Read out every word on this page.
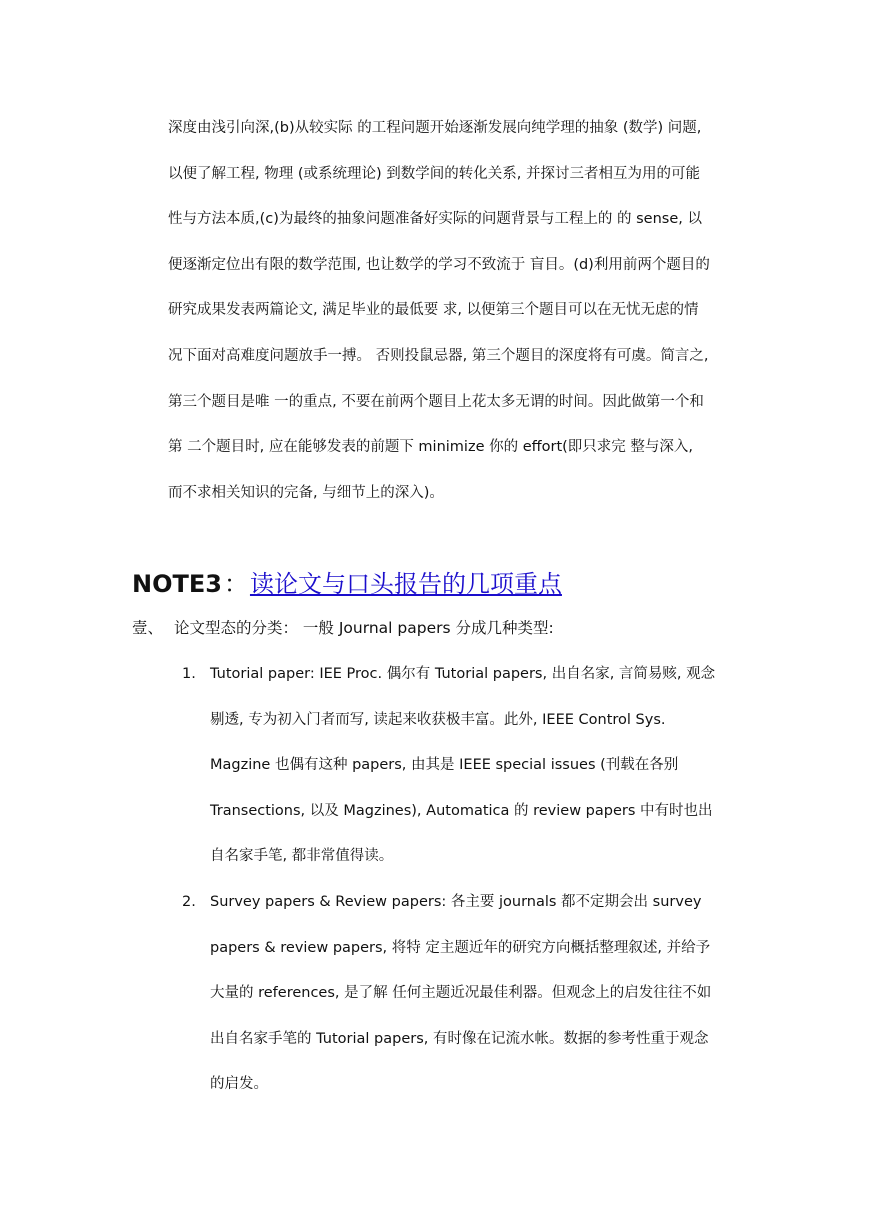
深度由浅引向深,(b)从较实际 的工程问题开始逐渐发展向纯学理的抽象 (数学) 问题,
以便了解工程, 物理 (或系统理论) 到数学间的转化关系, 并探讨三者相互为用的可能
性与方法本质,(c)为最终的抽象问题准备好实际的问题背景与工程上的 的 sense, 以
便逐渐定位出有限的数学范围, 也让数学的学习不致流于 盲目。(d)利用前两个题目的
研究成果发表两篇论文, 满足毕业的最低要 求, 以便第三个题目可以在无忧无虑的情
况下面对高难度问题放手一搏。 否则投鼠忌器, 第三个题目的深度将有可虞。简言之,
第三个题目是唯 一的重点, 不要在前两个题目上花太多无谓的时间。因此做第一个和
第 二个题目时, 应在能够发表的前题下 minimize 你的 effort(即只求完 整与深入,
而不求相关知识的完备, 与细节上的深入)。
NOTE3：读论文与口头报告的几项重点
壹、 论文型态的分类： 一般 Journal papers 分成几种类型:
1. Tutorial paper: IEE Proc. 偶尔有 Tutorial papers, 出自名家, 言简易赅, 观念
剔透, 专为初入门者而写, 读起来收获极丰富。此外, IEEE Control Sys.
Magzine 也偶有这种 papers, 由其是 IEEE special issues (刊载在各别
Transections, 以及 Magzines), Automatica 的 review papers 中有时也出
自名家手笔, 都非常值得读。
2. Survey papers & Review papers: 各主要 journals 都不定期会出 survey
papers & review papers, 将特 定主题近年的研究方向概括整理叙述, 并给予
大量的 references, 是了解 任何主题近况最佳利器。但观念上的启发往往不如
出自名家手笔的 Tutorial papers, 有时像在记流水帐。数据的参考性重于观念
的启发。
